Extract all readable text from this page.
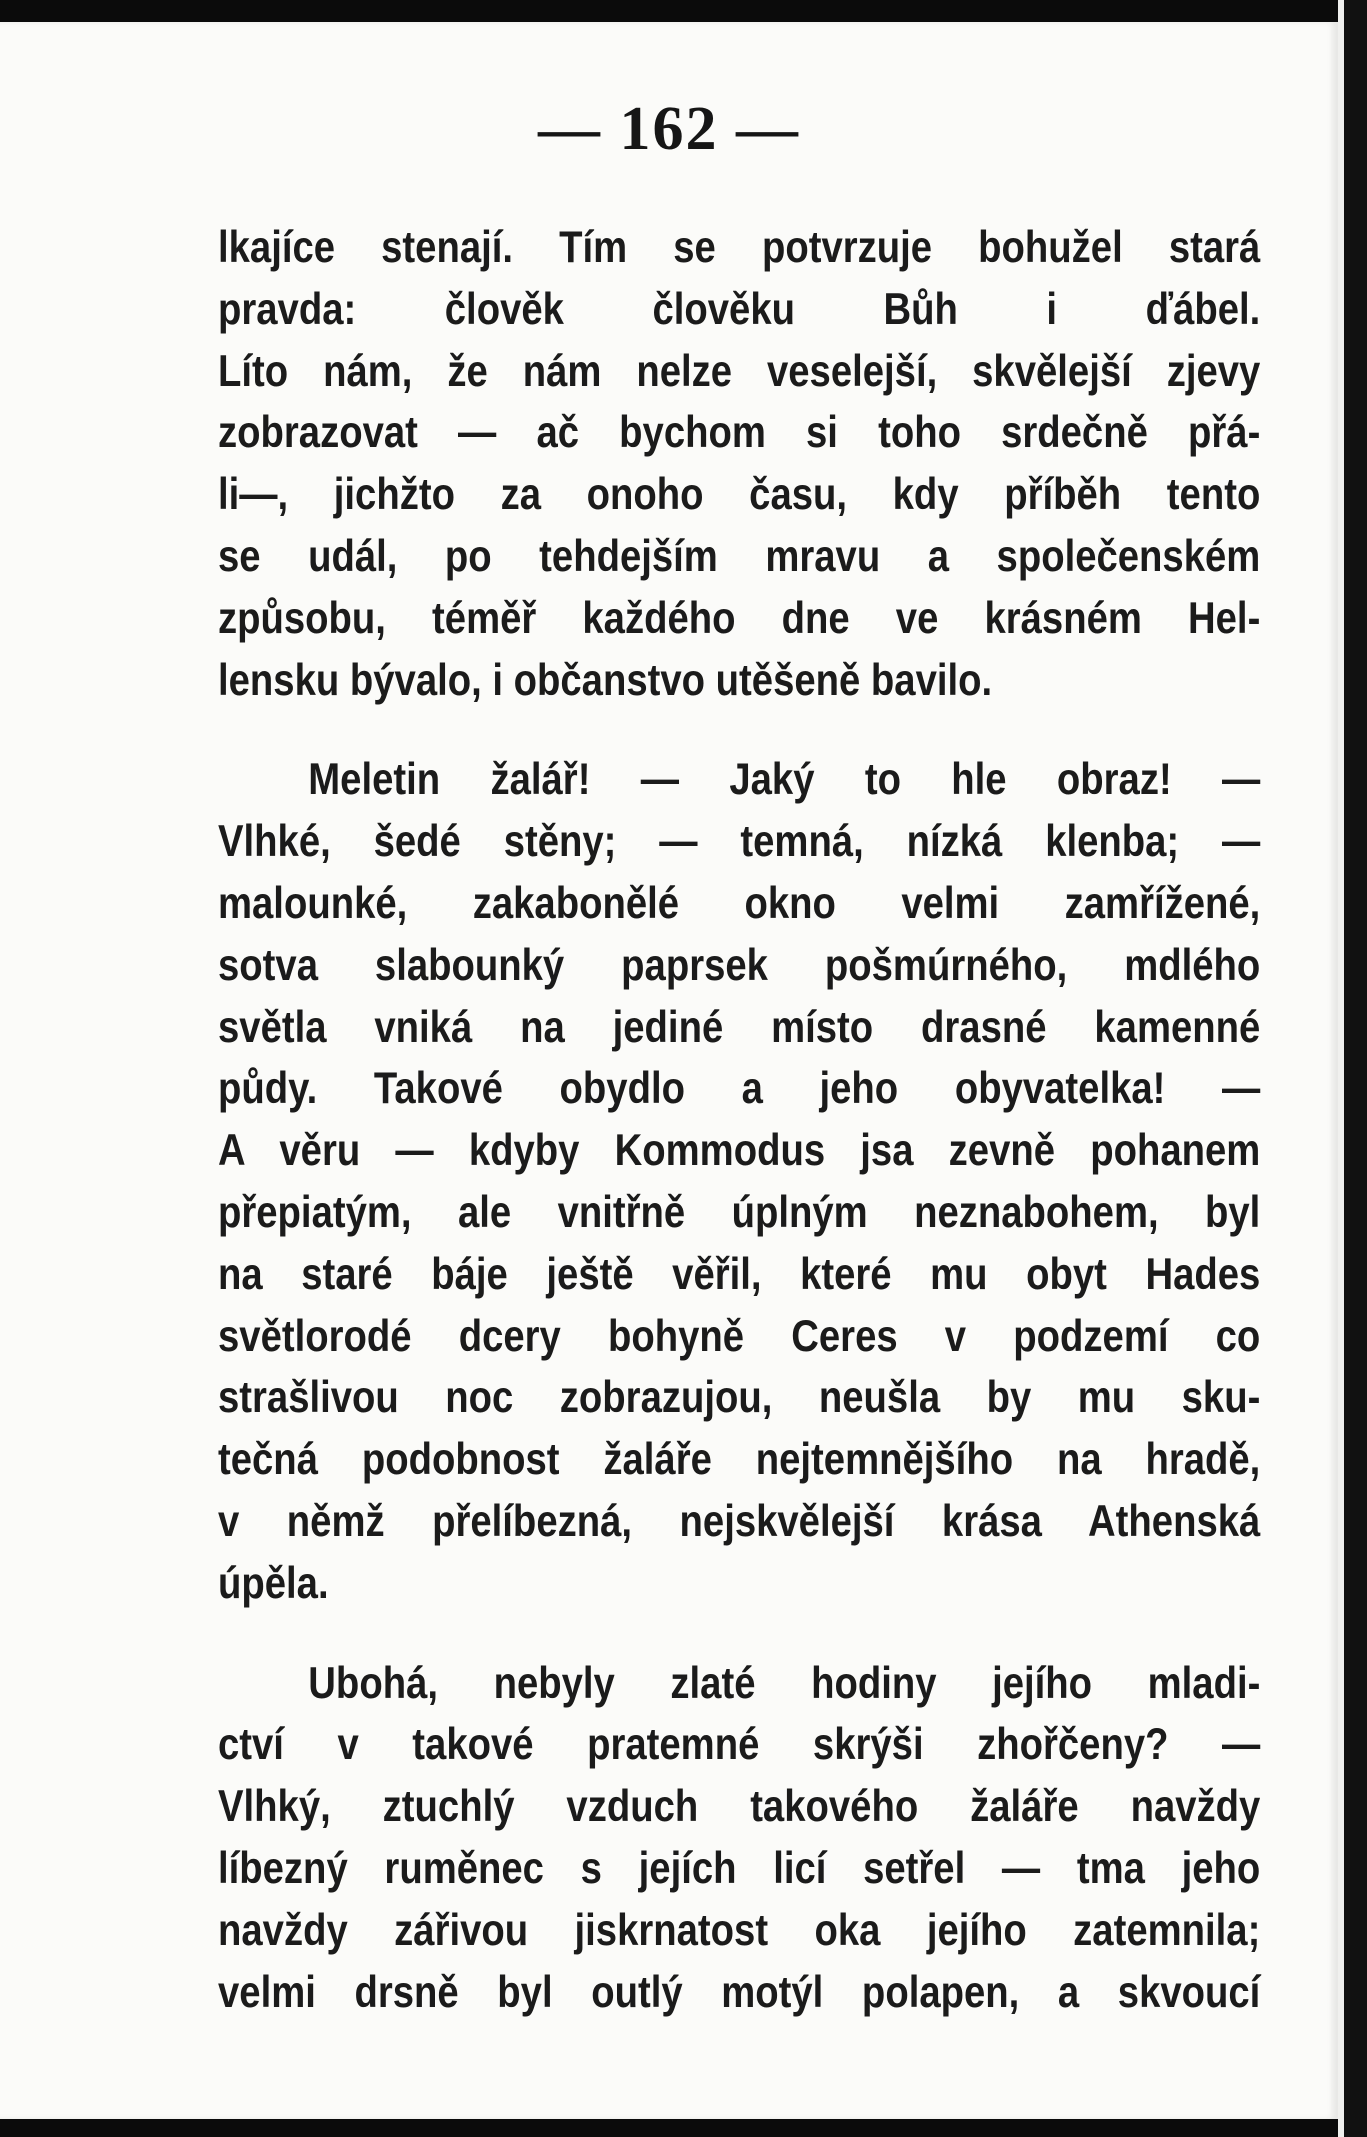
— 162 —
lkajíce stenají. Tím se potvrzuje bohužel stará
pravda: člověk člověku Bůh i ďábel.
Líto nám, že nám nelze veselejší, skvělejší zjevy
zobrazovat — ač bychom si toho srdečně přá-
li—, jichžto za onoho času, kdy příběh tento
se udál, po tehdejším mravu a společenském
způsobu, téměř každého dne ve krásném Hel-
lensku bývalo, i občanstvo utěšeně bavilo.
Meletin žalář! — Jaký to hle obraz! —
Vlhké, šedé stěny; — temná, nízká klenba; —
malounké, zakabonělé okno velmi zamřížené,
sotva slabounký paprsek pošmúrného, mdlého
světla vniká na jediné místo drasné kamenné
půdy. Takové obydlo a jeho obyvatelka! —
A věru — kdyby Kommodus jsa zevně pohanem
přepiatým, ale vnitřně úplným neznabohem, byl
na staré báje ještě věřil, které mu obyt Hades
světlorodé dcery bohyně Ceres v podzemí co
strašlivou noc zobrazujou, neušla by mu sku-
tečná podobnost žaláře nejtemnějšího na hradě,
v němž přelíbezná, nejskvělejší krása Athenská
úpěla.
Ubohá, nebyly zlaté hodiny jejího mladi-
ctví v takové pratemné skrýši zhořčeny? —
Vlhký, ztuchlý vzduch takového žaláře navždy
líbezný ruměnec s jejích licí setřel — tma jeho
navždy zářivou jiskrnatost oka jejího zatemnila;
velmi drsně byl outlý motýl polapen, a skvoucí
